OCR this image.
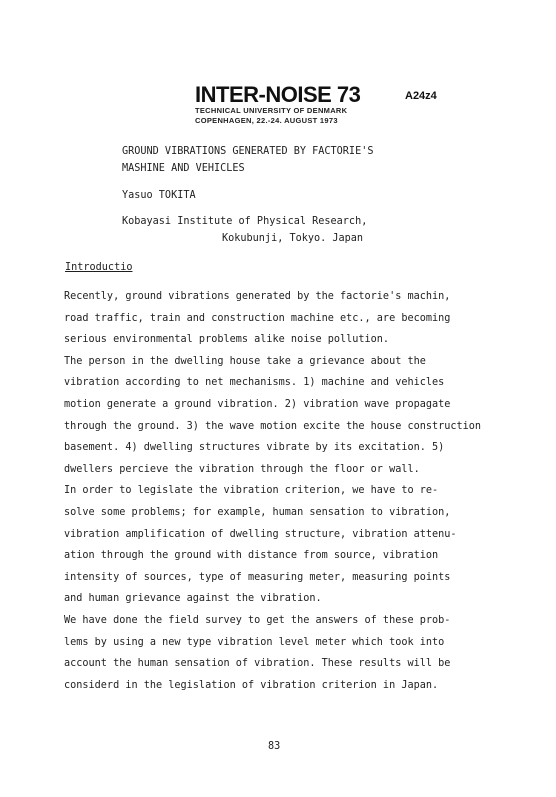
INTER-NOISE 73	A24z4
TECHNICAL UNIVERSITY OF DENMARK
COPENHAGEN, 22.-24. AUGUST 1973
GROUND VIBRATIONS GENERATED BY FACTORIE'S
MASHINE AND VEHICLES
Yasuo TOKITA
Kobayasi Institute of Physical Research,
Kokubunji, Tokyo. Japan
Introductio
Recently, ground vibrations generated by the factorie's machin,
road traffic, train and construction machine etc., are becoming
serious environmental problems alike noise pollution.
The person in the dwelling house take a grievance about the
vibration according to net mechanisms. 1) machine and vehicles
motion generate a ground vibration. 2) vibration wave propagate
through the ground. 3) the wave motion excite the house construction
basement. 4) dwelling structures vibrate by its excitation. 5)
dwellers percieve the vibration through the floor or wall.
In order to legislate the vibration criterion, we have to re-
solve some problems; for example, human sensation to vibration,
vibration amplification of dwelling structure, vibration attenu-
ation through the ground with distance from source, vibration
intensity of sources, type of measuring meter, measuring points
and human grievance against the vibration.
We have done the field survey to get the answers of these prob-
lems by using a new type vibration level meter which took into
account the human sensation of vibration. These results will be
considerd in the legislation of vibration criterion in Japan.
83
